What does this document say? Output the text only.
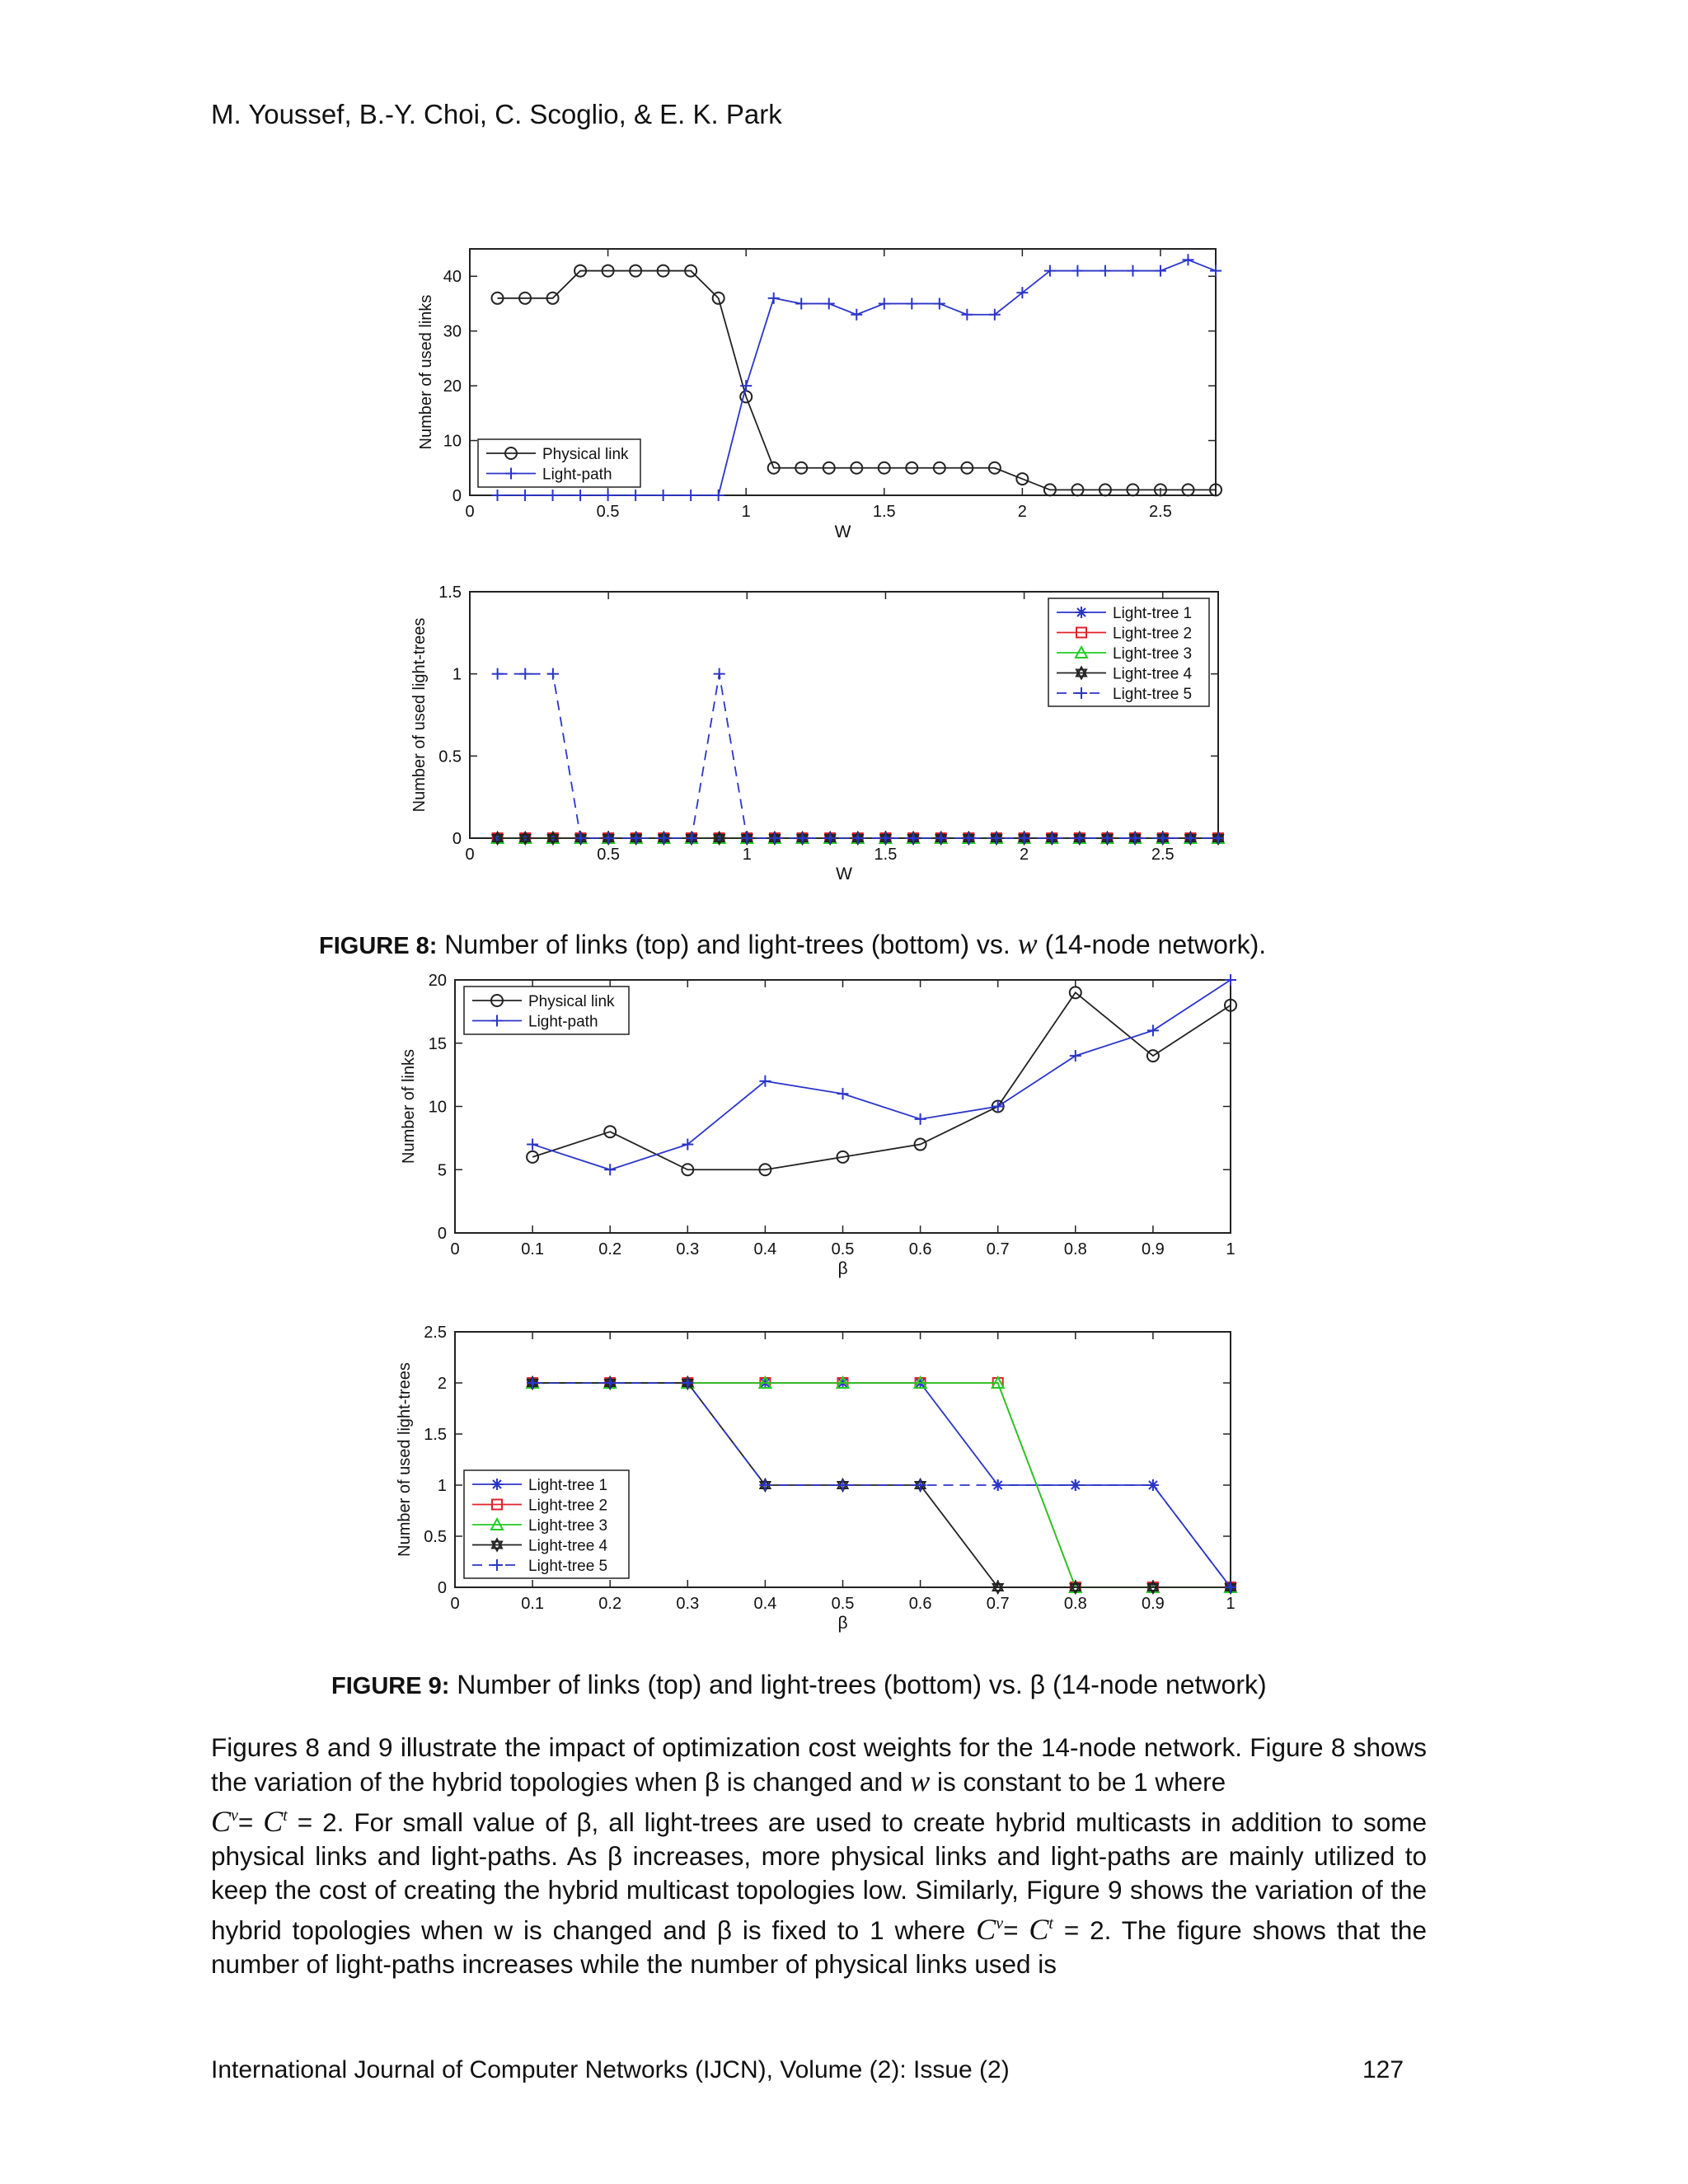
M. Youssef, B.-Y. Choi, C. Scoglio, & E. K. Park
0	0.5	1	1.5	2	2.5
0
10
20
30
40
W
Number of used links
Physical link
Light-path
0	0.5	1	1.5	2	2.5
0
0.5
1
1.5
W
Number of used light-trees
Light-tree 1
Light-tree 2
Light-tree 3
Light-tree 4
Light-tree 5
0	0.1	0.2	0.3	0.4	0.5	0.6	0.7	0.8	0.9	1
0
5
10
15
20
β
Number of links
Physical link
Light-path
0	0.1	0.2	0.3	0.4	0.5	0.6	0.7	0.8	0.9	1
0
0.5
1
1.5
2
2.5
β
Number of used light-trees	Light-tree 1
Light-tree 2
Light-tree 3
Light-tree 4
Light-tree 5
FIGURE 8: Number of links (top) and light-trees (bottom) vs. w (14-node network).
FIGURE 9: Number of links (top) and light-trees (bottom) vs. β (14-node network)

Figures 8 and 9 illustrate the impact of optimization cost weights for the 14-node network. Figure 8 shows the variation of the hybrid topologies when β is changed and w is constant to be 1 where
$C^v= C^t = 2$. For small value of β, all light-trees are used to create hybrid multicasts in addition to some physical links and light-paths. As β increases, more physical links and light-paths are mainly utilized to keep the cost of creating the hybrid multicast topologies low. Similarly, Figure 9 shows the variation of the hybrid topologies when w is changed and β is fixed to 1 where $C^v= C^t = 2$. The figure shows that the number of light-paths increases while the number of physical links used is

International Journal of Computer Networks (IJCN), Volume (2): Issue (2)	127
